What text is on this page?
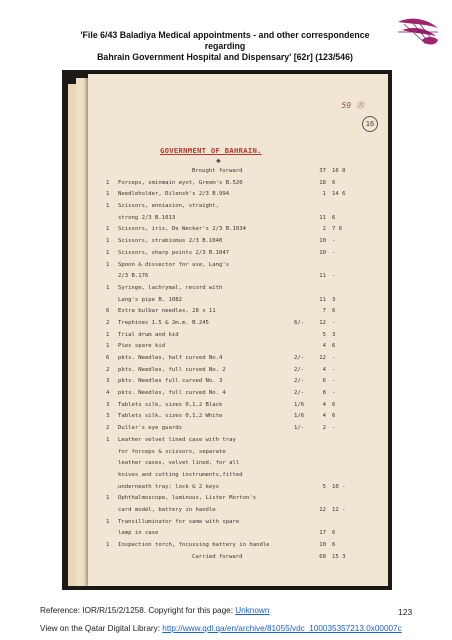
'File 6/43 Baladiya Medical appointments - and other correspondence regarding
Bahrain Government Hospital and Dispensary' [62r] (123/546)
59 Ⓑ
16
GOVERNMENT OF BAHRAIN.
◈
Brought forward	37 16 8
1 Forceps, sminmain eyot, Greem's B.520	18 6
1 Needleholder, Dilensh's 2/3 B.994	1 14 6
1 Scissors, enniasion, straight,
strong 2/3 B.1013	11 6
1 Scissors, iris, De Wecker's 2/3 B.1034	2 7 6
1 Scissors, strabismus 2/3 B.1040	10 -
1 Scissors, sharp points 2/3 B.1047	10 -
1 Spoon & dissector for use, Lang's
2/3 B.176	11 -
1 Syringe, lachrymal, record with
Lang's pipe B. 1082	11 3
6 Extra bulbar needles, 28 x 11	7 6
2 Trephines 1.5 & 2m.m. B.245	6/-	12 -
1 Trial drum and kid	5 3
1 Pies spare kid	4 6
6 pkts. Needles, half curved No.4	2/-	12 -
2 pkts. Needles, full curved No. 2	2/-	4 -
3 pkts. Needles full curved No. 3	2/-	6 -
4 pkts. Needles, full curved No. 4	2/-	8 -
3 Tablets silk, sizes 0,1,2 Black	1/6	4 6
3 Tablets silk, sizes 0,1,2 White	1/6	4 6
2 Duller's eye guards	1/-	2 -
1 Leather velvet lined case with tray
for forceps & scissors, separate
leather cases, velvet lined, for all
knives and cutting instruments,fitted
underneath tray: lock & 2 keys	5 10 -
1 Ophthalmoscope, luminous, Lister Morton's
card model, battery in handle	12 12 -
1 Transilluminator for same with spare
lamp in case	17 6
1 Inspection torch, focussing battery in handle	10 6
Carried forward	68 15 3
Reference: IOR/R/15/2/1258. Copyright for this page: Unknown
View on the Qatar Digital Library: http://www.qdl.qa/en/archive/81055/vdc_100035357213.0x00007c
123
